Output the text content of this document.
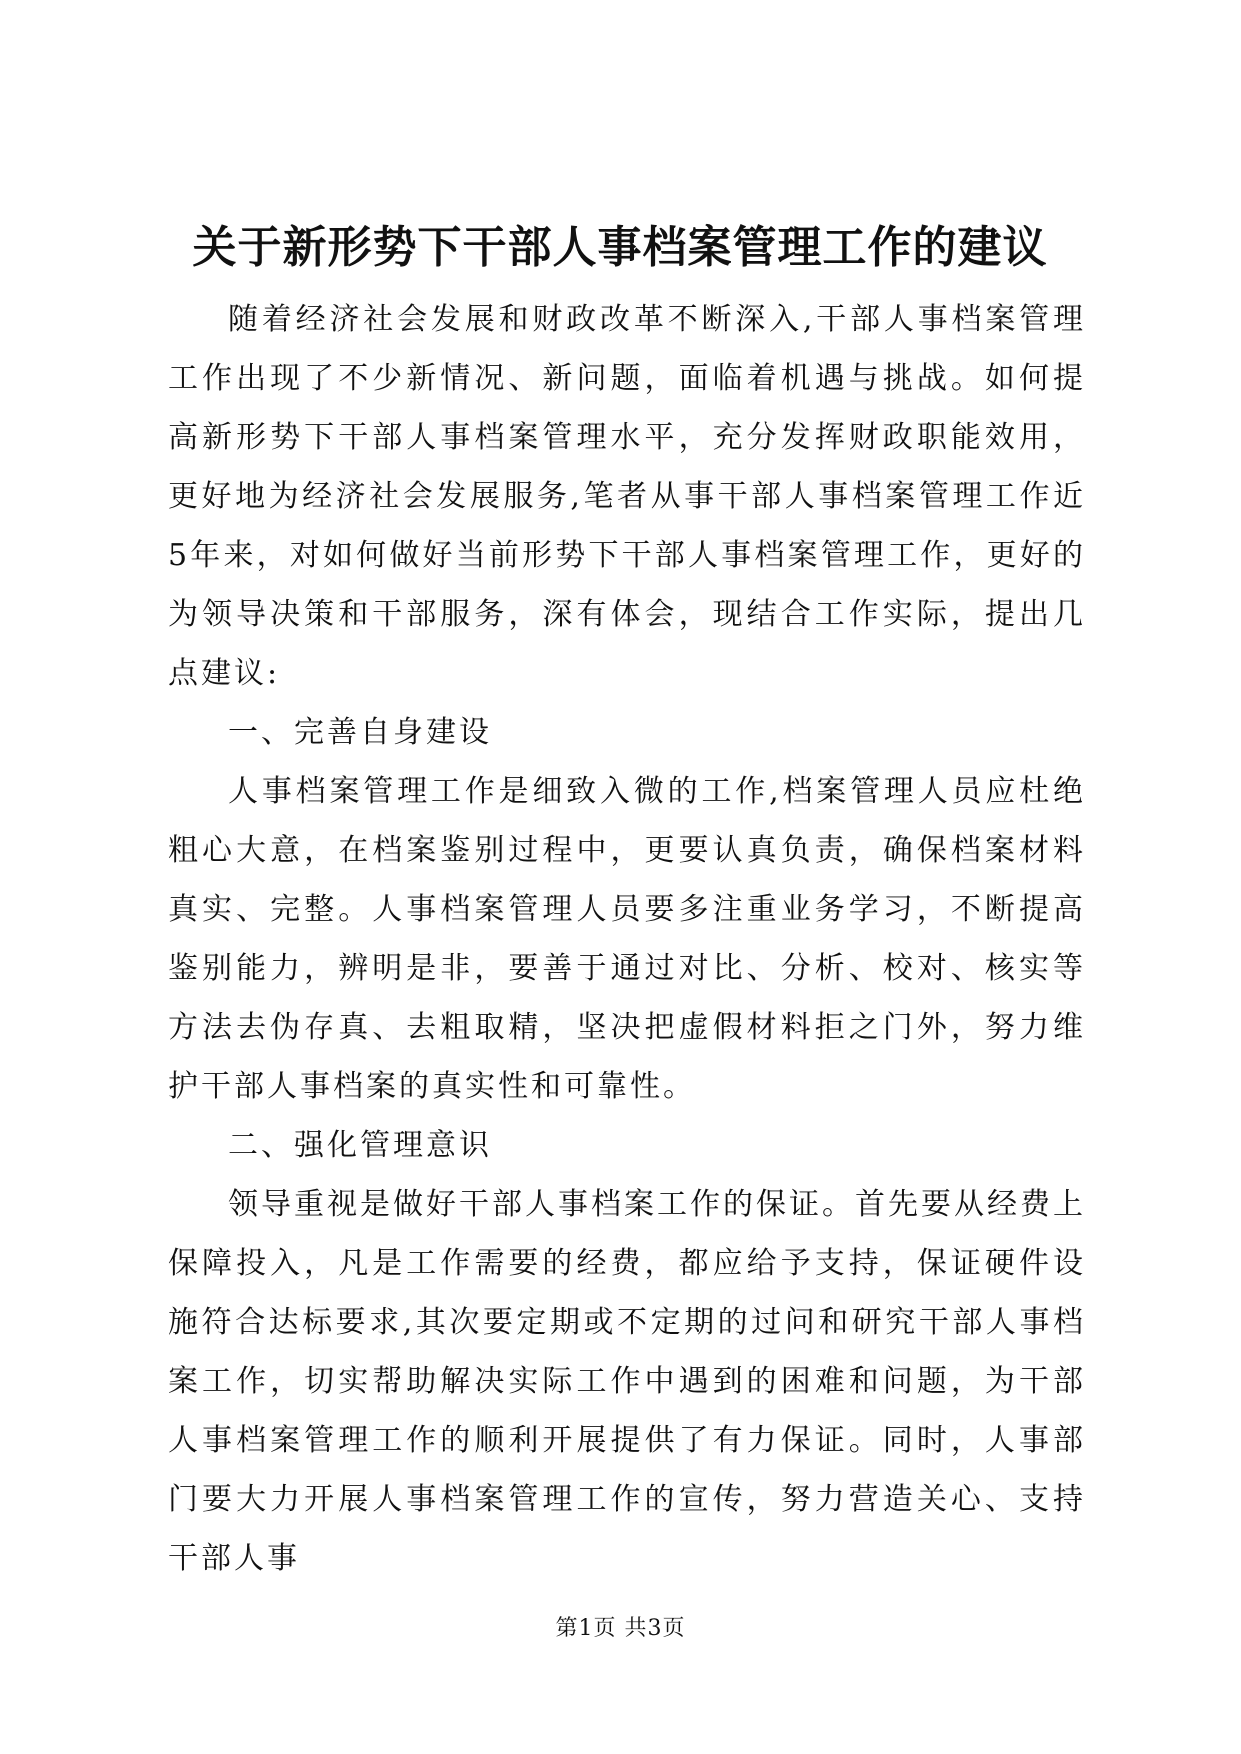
关于新形势下干部人事档案管理工作的建议

随着经济社会发展和财政改革不断深入,干部人事档案管理工作出现了不少新情况、新问题，面临着机遇与挑战。如何提高新形势下干部人事档案管理水平，充分发挥财政职能效用，更好地为经济社会发展服务,笔者从事干部人事档案管理工作近5年来，对如何做好当前形势下干部人事档案管理工作，更好的为领导决策和干部服务，深有体会，现结合工作实际，提出几点建议:

一、完善自身建设

人事档案管理工作是细致入微的工作,档案管理人员应杜绝粗心大意，在档案鉴别过程中，更要认真负责，确保档案材料真实、完整。人事档案管理人员要多注重业务学习，不断提高鉴别能力，辨明是非，要善于通过对比、分析、校对、核实等方法去伪存真、去粗取精，坚决把虚假材料拒之门外，努力维护干部人事档案的真实性和可靠性。

二、强化管理意识

领导重视是做好干部人事档案工作的保证。首先要从经费上保障投入，凡是工作需要的经费，都应给予支持，保证硬件设施符合达标要求,其次要定期或不定期的过问和研究干部人事档案工作，切实帮助解决实际工作中遇到的困难和问题，为干部人事档案管理工作的顺利开展提供了有力保证。同时，人事部门要大力开展人事档案管理工作的宣传，努力营造关心、支持干部人事

第1页 共3页
